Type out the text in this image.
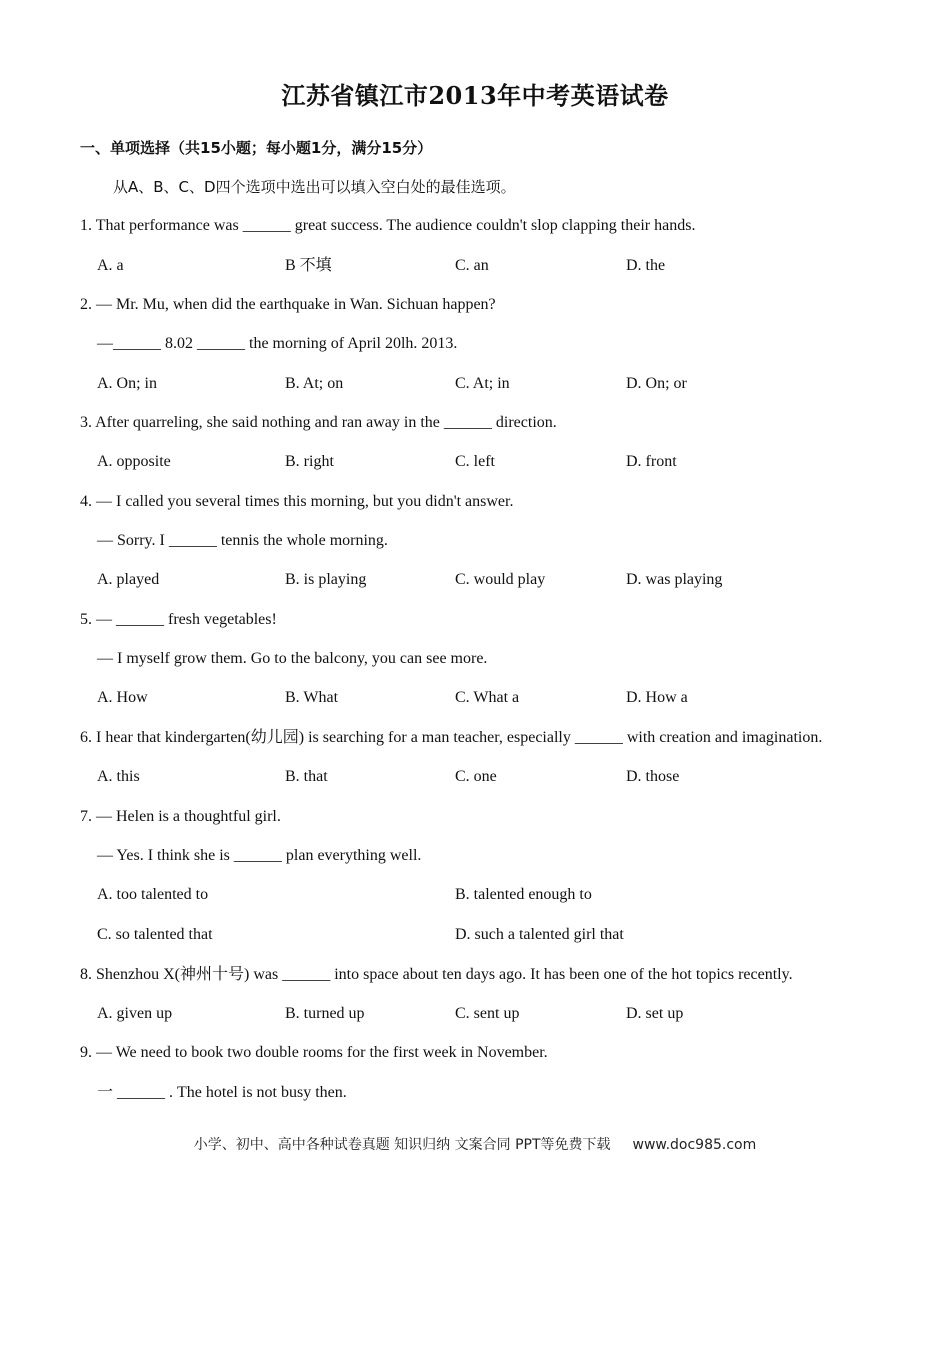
江苏省镇江市2013年中考英语试卷
一、单项选择（共15小题；每小题1分，满分15分）
从A、B、C、D四个选项中选出可以填入空白处的最佳选项。
1. That performance was ______ great success. The audience couldn't slop clapping their hands.
A. a	B 不填	C. an	D. the
2. — Mr. Mu, when did the earthquake in Wan. Sichuan happen?
—______ 8.02 ______ the morning of April 20lh. 2013.
A. On; in	B. At; on	C. At; in	D. On; or
3. After quarreling, she said nothing and ran away in the ______ direction.
A. opposite	B. right	C. left	D. front
4. — I called you several times this morning, but you didn't answer.
— Sorry. I ______ tennis the whole morning.
A. played	B. is playing	C. would play	D. was playing
5. — ______ fresh vegetables!
— I myself grow them. Go to the balcony, you can see more.
A. How	B. What	C. What a	D. How a
6. I hear that kindergarten(幼儿园) is searching for a man teacher, especially ______ with creation and imagination.
A. this	B. that	C. one	D. those
7. — Helen is a thoughtful girl.
— Yes. I think she is ______ plan everything well.
A. too talented to	B. talented enough to
C. so talented that	D. such a talented girl that
8. Shenzhou X(神州十号) was ______ into space about ten days ago. It has been one of the hot topics recently.
A. given up	B. turned up	C. sent up	D. set up
9. — We need to book two double rooms for the first week in November.
一 ______ . The hotel is not busy then.
小学、初中、高中各种试卷真题 知识归纳 文案合同 PPT等免费下载 www.doc985.com
